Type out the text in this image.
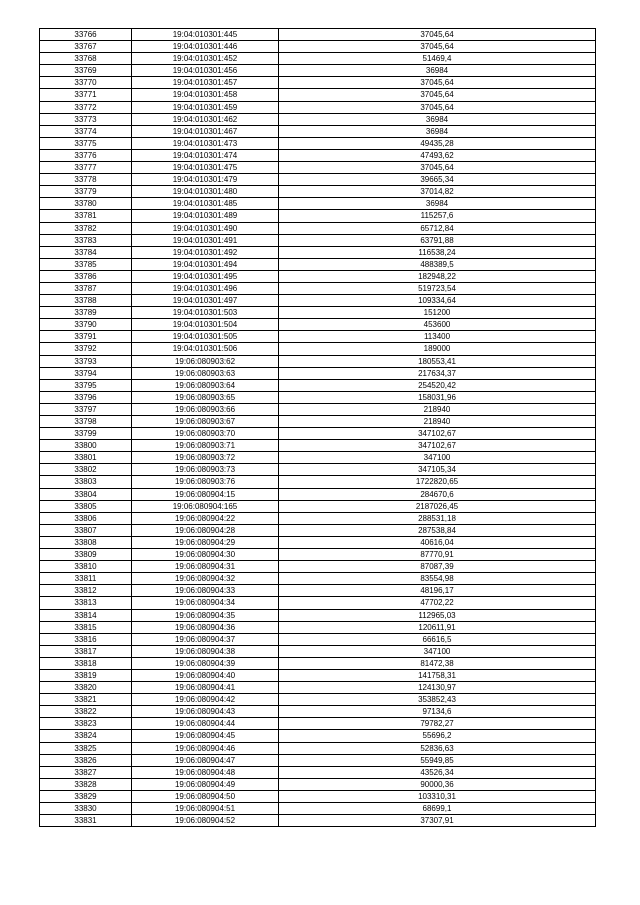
33766	19:04:010301:445	37045,64
33767	19:04:010301:446	37045,64
33768	19:04:010301:452	51469,4
33769	19:04:010301:456	36984
33770	19:04:010301:457	37045,64
33771	19:04:010301:458	37045,64
33772	19:04:010301:459	37045,64
33773	19:04:010301:462	36984
33774	19:04:010301:467	36984
33775	19:04:010301:473	49435,28
33776	19:04:010301:474	47493,62
33777	19:04:010301:475	37045,64
33778	19:04:010301:479	39665,34
33779	19:04:010301:480	37014,82
33780	19:04:010301:485	36984
33781	19:04:010301:489	115257,6
33782	19:04:010301:490	65712,84
33783	19:04:010301:491	63791,88
33784	19:04:010301:492	116538,24
33785	19:04:010301:494	488389,5
33786	19:04:010301:495	182948,22
33787	19:04:010301:496	519723,54
33788	19:04:010301:497	109334,64
33789	19:04:010301:503	151200
33790	19:04:010301:504	453600
33791	19:04:010301:505	113400
33792	19:04:010301:506	189000
33793	19:06:080903:62	180553,41
33794	19:06:080903:63	217634,37
33795	19:06:080903:64	254520,42
33796	19:06:080903:65	158031,96
33797	19:06:080903:66	218940
33798	19:06:080903:67	218940
33799	19:06:080903:70	347102,67
33800	19:06:080903:71	347102,67
33801	19:06:080903:72	347100
33802	19:06:080903:73	347105,34
33803	19:06:080903:76	1722820,65
33804	19:06:080904:15	284670,6
33805	19:06:080904:165	2187026,45
33806	19:06:080904:22	288531,18
33807	19:06:080904:28	287538,84
33808	19:06:080904:29	40616,04
33809	19:06:080904:30	87770,91
33810	19:06:080904:31	87087,39
33811	19:06:080904:32	83554,98
33812	19:06:080904:33	48196,17
33813	19:06:080904:34	47702,22
33814	19:06:080904:35	112965,03
33815	19:06:080904:36	120611,91
33816	19:06:080904:37	66616,5
33817	19:06:080904:38	347100
33818	19:06:080904:39	81472,38
33819	19:06:080904:40	141758,31
33820	19:06:080904:41	124130,97
33821	19:06:080904:42	353852,43
33822	19:06:080904:43	97134,6
33823	19:06:080904:44	79782,27
33824	19:06:080904:45	55696,2
33825	19:06:080904:46	52836,63
33826	19:06:080904:47	55949,85
33827	19:06:080904:48	43526,34
33828	19:06:080904:49	90000,36
33829	19:06:080904:50	103310,31
33830	19:06:080904:51	68699,1
33831	19:06:080904:52	37307,91
